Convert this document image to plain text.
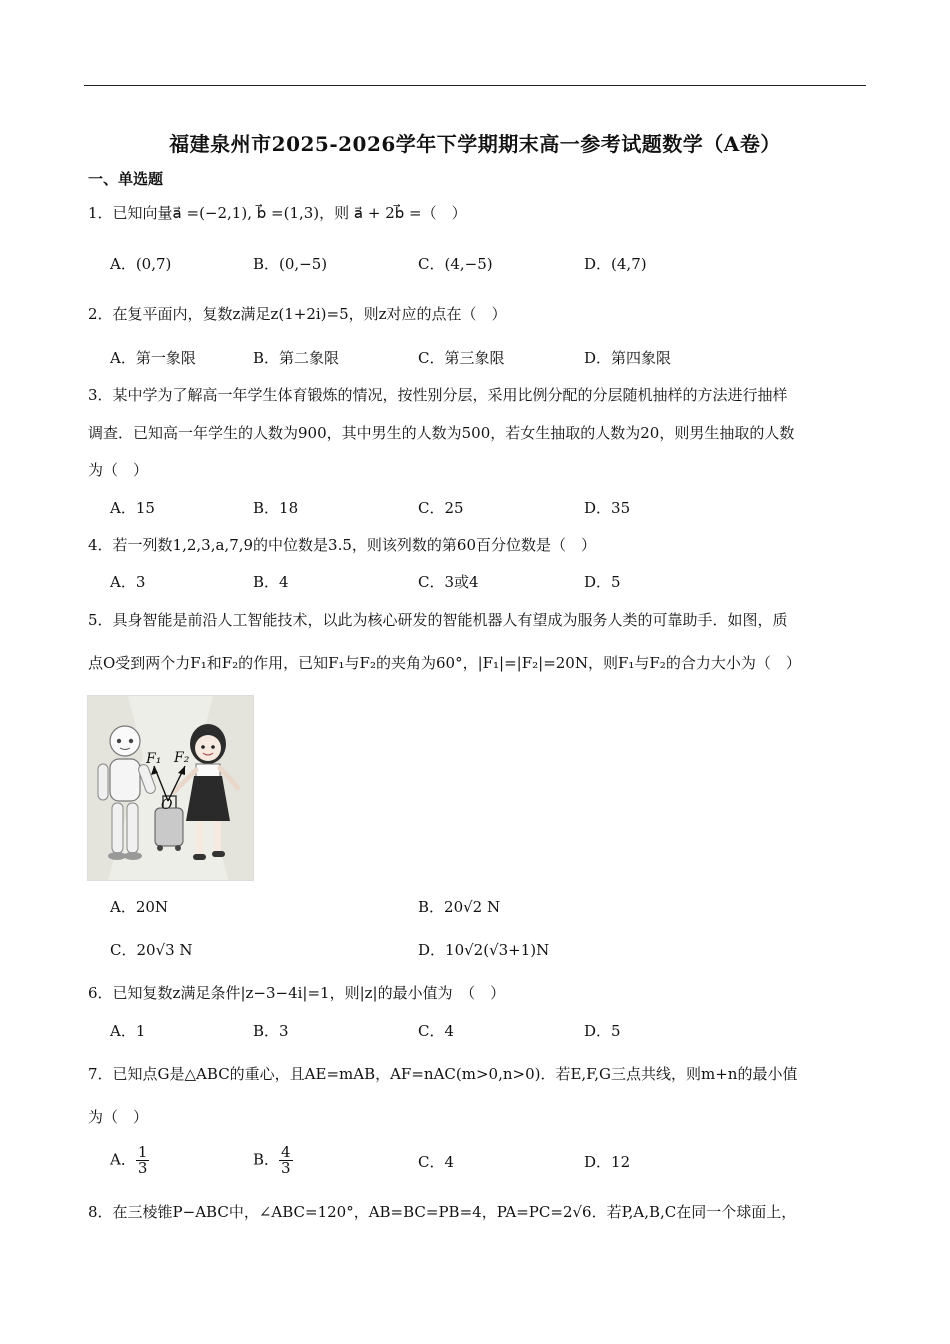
福建泉州市2025-2026学年下学期期末高一参考试题数学（A卷）
一、单选题
1．已知向量a⃗ =(−2,1), b⃗ =(1,3)，则 a⃗ + 2b⃗ =（　）
A．(0,7)	B．(0,−5)	C．(4,−5)	D．(4,7)
2．在复平面内，复数z满足z(1+2i)=5，则z对应的点在（　）
A．第一象限	B．第二象限	C．第三象限	D．第四象限
3．某中学为了解高一年学生体育锻炼的情况，按性别分层，采用比例分配的分层随机抽样的方法进行抽样
调查．已知高一年学生的人数为900，其中男生的人数为500，若女生抽取的人数为20，则男生抽取的人数
为（　）
A．15	B．18	C．25	D．35
4．若一列数1,2,3,a,7,9的中位数是3.5，则该列数的第60百分位数是（　）
A．3	B．4	C．3或4	D．5
5．具身智能是前沿人工智能技术，以此为核心研发的智能机器人有望成为服务人类的可靠助手．如图，质
点O受到两个力F₁和F₂的作用，已知F₁与F₂的夹角为60°，|F₁|=|F₂|=20N，则F₁与F₂的合力大小为（　）
F₁ F₂
O
A．20N	B．20√2 N
C．20√3 N	D．10√2(√3+1)N
6．已知复数z满足条件|z−3−4i|=1，则|z|的最小值为　（　）
A．1	B．3	C．4	D．5
7．已知点G是△ABC的重心，且AE=mAB，AF=nAC(m>0,n>0)．若E,F,G三点共线，则m+n的最小值
为（　）
A． $\frac{1}{3}$	B． $\frac{4}{3}$	C．4	D．12
8．在三棱锥P−ABC中，∠ABC=120°，AB=BC=PB=4，PA=PC=2√6．若P,A,B,C在同一个球面上，
